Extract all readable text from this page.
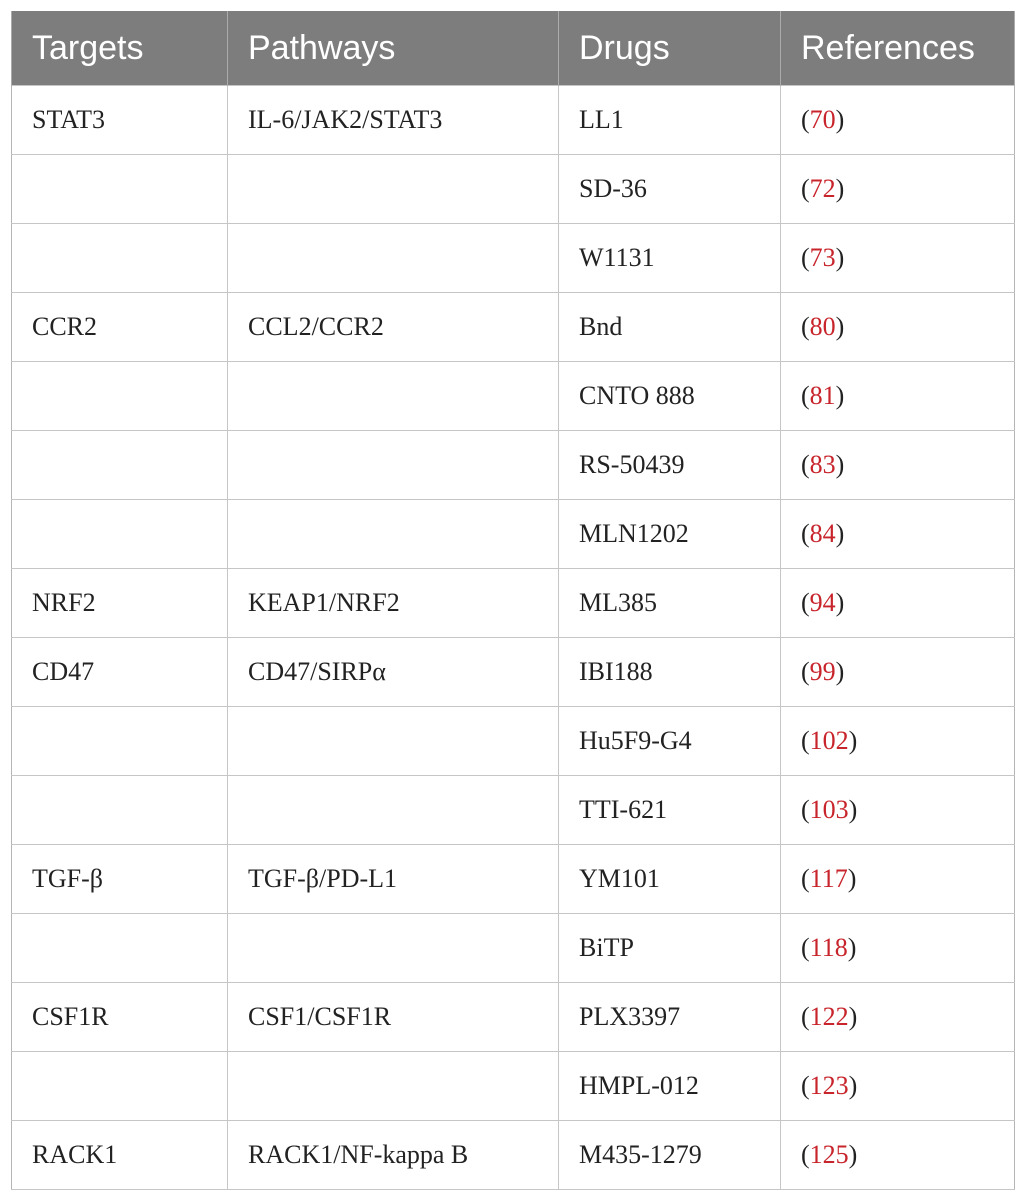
Targets	Pathways	Drugs	References
STAT3	IL-6/JAK2/STAT3	LL1	(70)
		SD-36	(72)
		W1131	(73)
CCR2	CCL2/CCR2	Bnd	(80)
		CNTO 888	(81)
		RS-50439	(83)
		MLN1202	(84)
NRF2	KEAP1/NRF2	ML385	(94)
CD47	CD47/SIRPα	IBI188	(99)
		Hu5F9-G4	(102)
		TTI-621	(103)
TGF-β	TGF-β/PD-L1	YM101	(117)
		BiTP	(118)
CSF1R	CSF1/CSF1R	PLX3397	(122)
		HMPL-012	(123)
RACK1	RACK1/NF-kappa B	M435-1279	(125)
